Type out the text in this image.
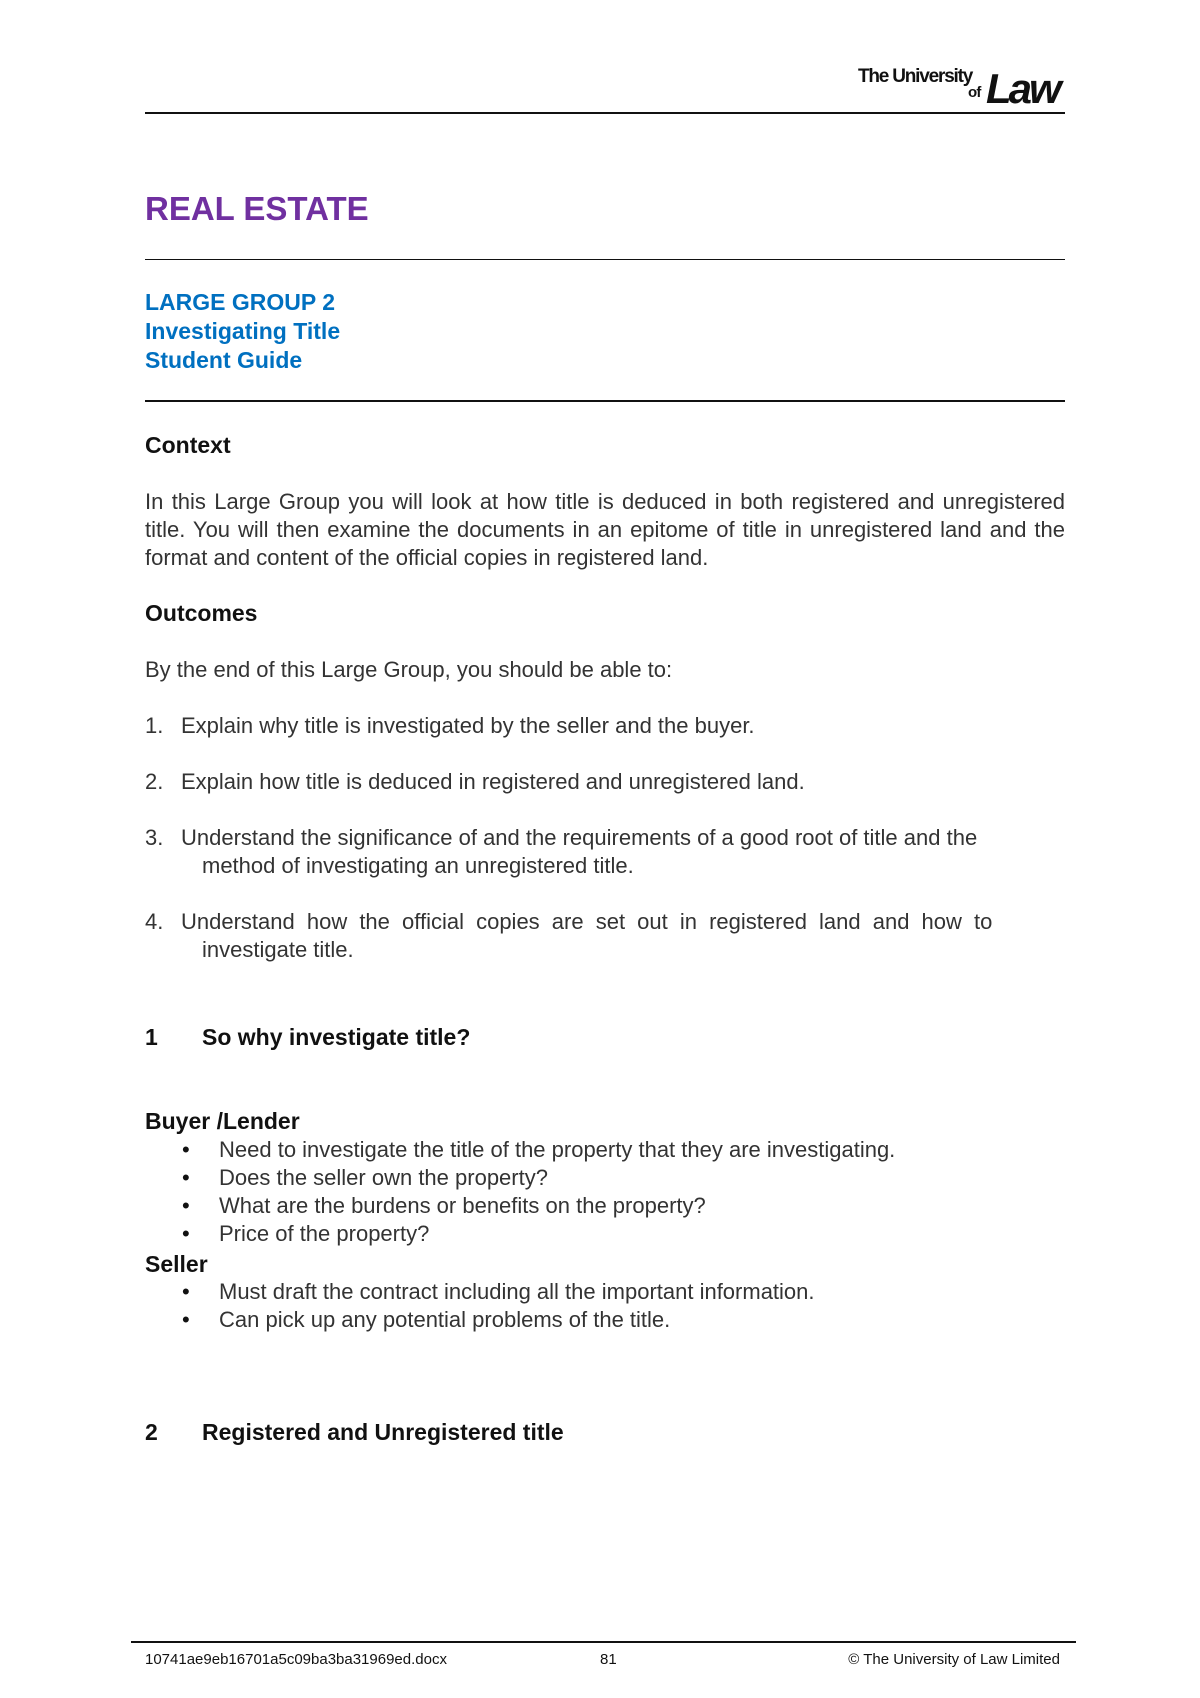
The University
of Law
REAL ESTATE
LARGE GROUP 2
Investigating Title
Student Guide
Context
In this Large Group you will look at how title is deduced in both registered and unregistered title. You will then examine the documents in an epitome of title in unregistered land and the format and content of the official copies in registered land.
Outcomes
By the end of this Large Group, you should be able to:
1. Explain why title is investigated by the seller and the buyer.
2. Explain how title is deduced in registered and unregistered land.
3. Understand the significance of and the requirements of a good root of title and the
method of investigating an unregistered title.
4. Understand how the official copies are set out in registered land and how to
investigate title.
1 So why investigate title?
Buyer /Lender
• Need to investigate the title of the property that they are investigating.
• Does the seller own the property?
• What are the burdens or benefits on the property?
• Price of the property?
Seller
• Must draft the contract including all the important information.
• Can pick up any potential problems of the title.
2 Registered and Unregistered title
10741ae9eb16701a5c09ba3ba31969ed.docx	81	© The University of Law Limited
